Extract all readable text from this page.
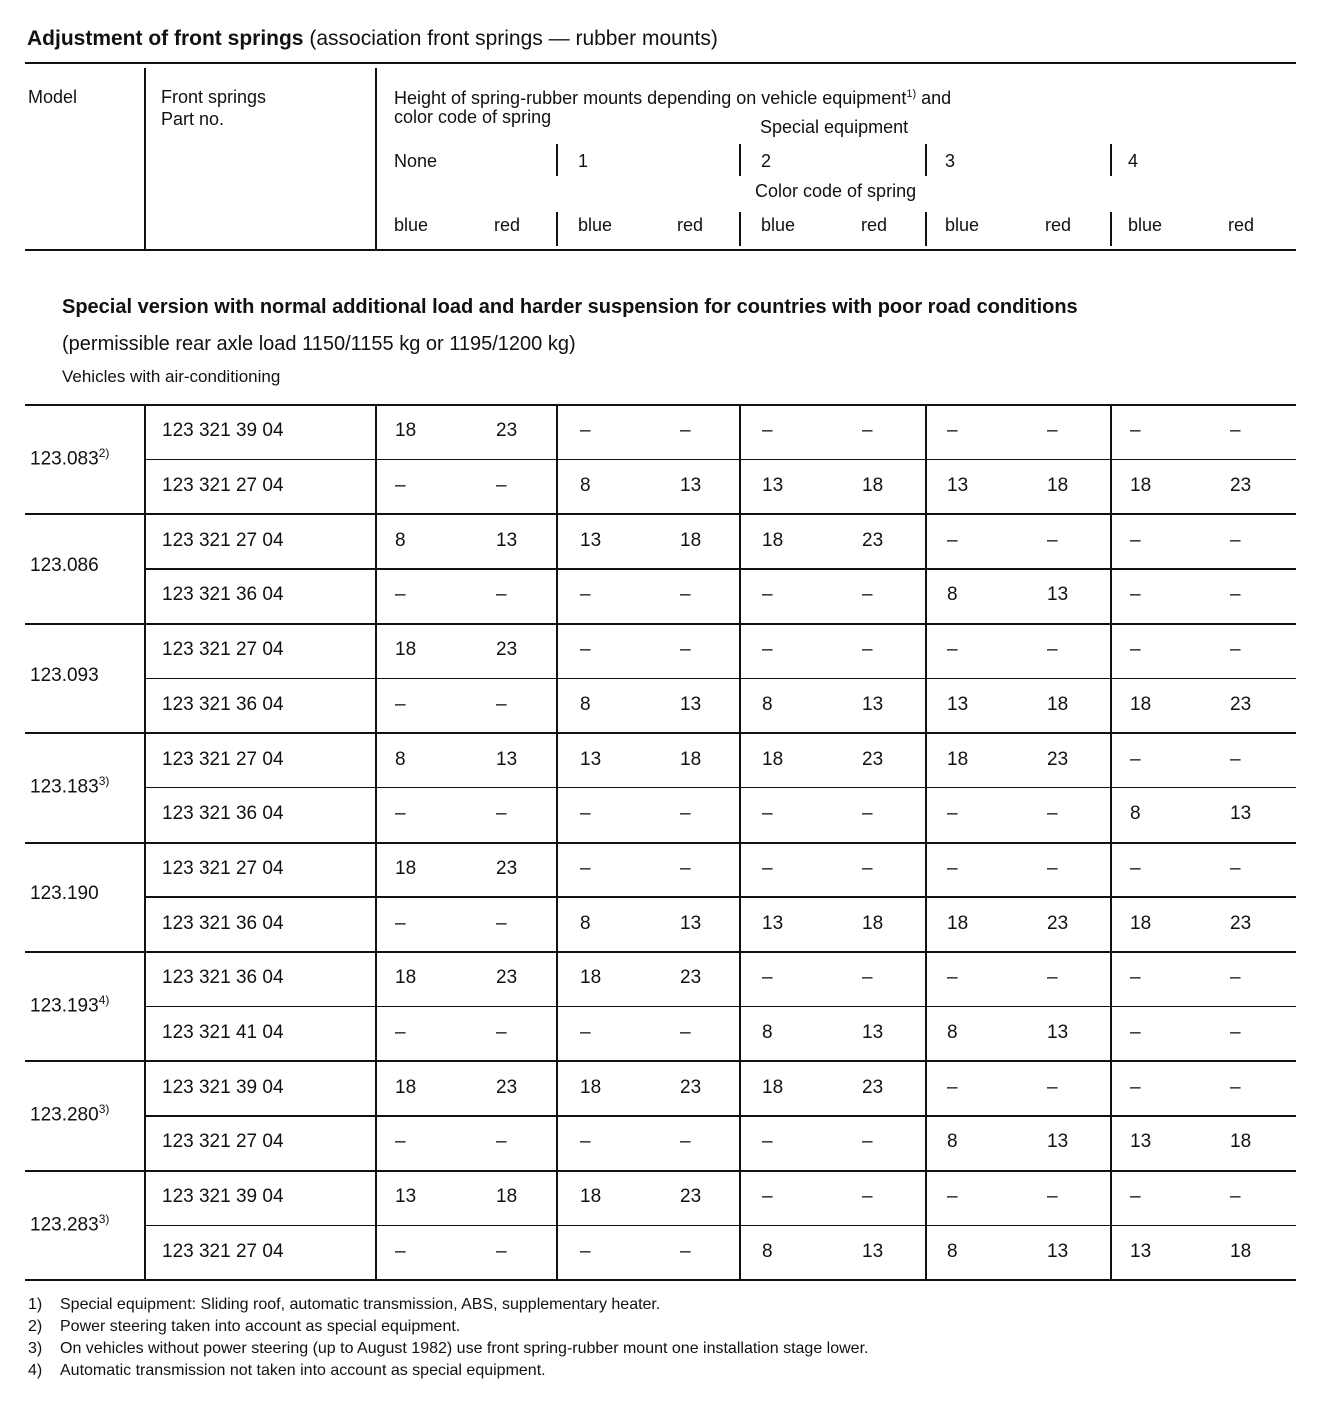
Adjustment of front springs (association front springs — rubber mounts)
Model	Front springs
Part no.
Height of spring-rubber mounts depending on vehicle equipment$^{1)}$ and
color code of spring	Special equipment
Color code of spring
None	1	2	3	4
blue	red	blue	red	blue	red	blue	red	blue	red
Special version with normal additional load and harder suspension for countries with poor road conditions
(permissible rear axle load 1150/1155 kg or 1195/1200 kg)
Vehicles with air-conditioning
123.083$^{2)}$
123 321 39 04	18	23	–	–	–	–	–	–	–	–
123 321 27 04	–	–	8	13	13	18	13	18	18	23
123.086
123 321 27 04	8	13	13	18	18	23	–	–	–	–
123 321 36 04	–	–	–	–	–	–	8	13	–	–
123.093
123 321 27 04	18	23	–	–	–	–	–	–	–	–
123 321 36 04	–	–	8	13	8	13	13	18	18	23
123.183$^{3)}$
123 321 27 04	8	13	13	18	18	23	18	23	–	–
123 321 36 04	–	–	–	–	–	–	–	–	8	13
123.190
123 321 27 04	18	23	–	–	–	–	–	–	–	–
123 321 36 04	–	–	8	13	13	18	18	23	18	23
123.193$^{4)}$
123 321 36 04	18	23	18	23	–	–	–	–	–	–
123 321 41 04	–	–	–	–	8	13	8	13	–	–
123.280$^{3)}$
123 321 39 04	18	23	18	23	18	23	–	–	–	–
123 321 27 04	–	–	–	–	–	–	8	13	13	18
123.283$^{3)}$
123 321 39 04	13	18	18	23	–	–	–	–	–	–
123 321 27 04	–	–	–	–	8	13	8	13	13	18
1) Special equipment: Sliding roof, automatic transmission, ABS, supplementary heater.
2) Power steering taken into account as special equipment.
3) On vehicles without power steering (up to August 1982) use front spring-rubber mount one installation stage lower.
4) Automatic transmission not taken into account as special equipment.
